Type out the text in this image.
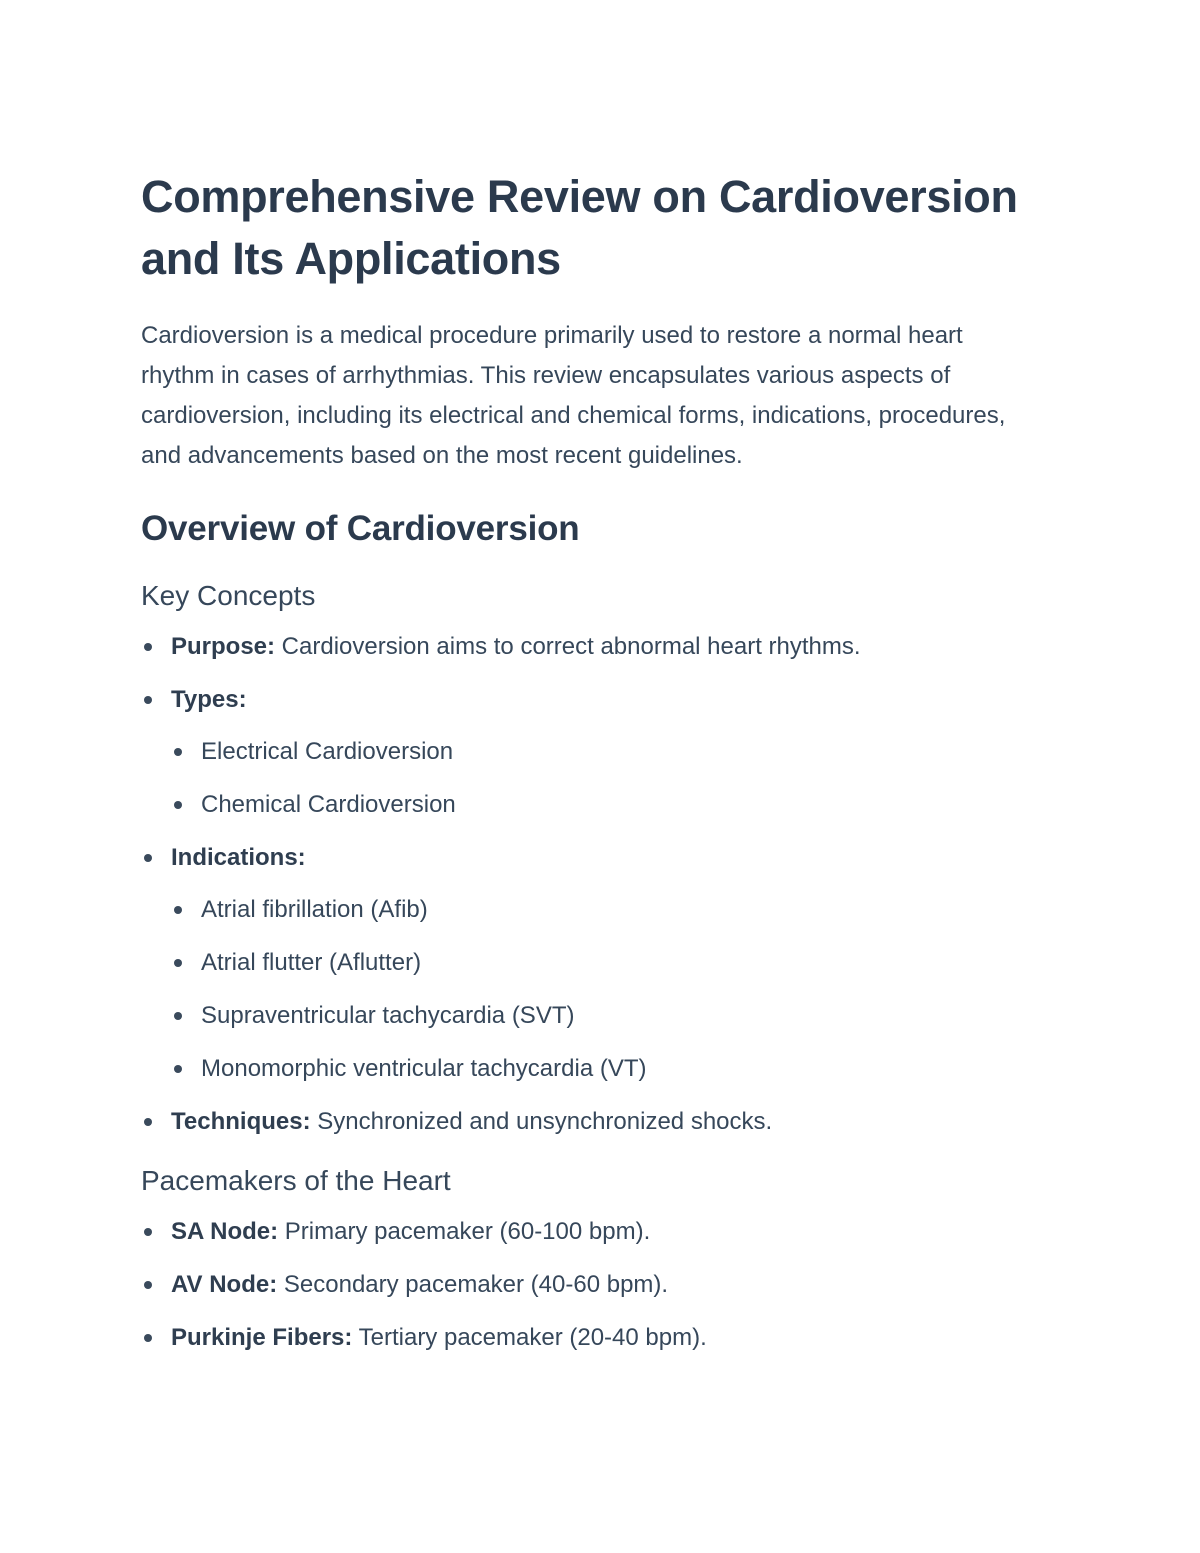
Comprehensive Review on Cardioversion and Its Applications

Cardioversion is a medical procedure primarily used to restore a normal heart rhythm in cases of arrhythmias. This review encapsulates various aspects of cardioversion, including its electrical and chemical forms, indications, procedures, and advancements based on the most recent guidelines.

Overview of Cardioversion
Key Concepts
Purpose: Cardioversion aims to correct abnormal heart rhythms.
Types:
Electrical Cardioversion
Chemical Cardioversion
Indications:
Atrial fibrillation (Afib)
Atrial flutter (Aflutter)
Supraventricular tachycardia (SVT)
Monomorphic ventricular tachycardia (VT)
Techniques: Synchronized and unsynchronized shocks.
Pacemakers of the Heart
SA Node: Primary pacemaker (60-100 bpm).
AV Node: Secondary pacemaker (40-60 bpm).
Purkinje Fibers: Tertiary pacemaker (20-40 bpm).
